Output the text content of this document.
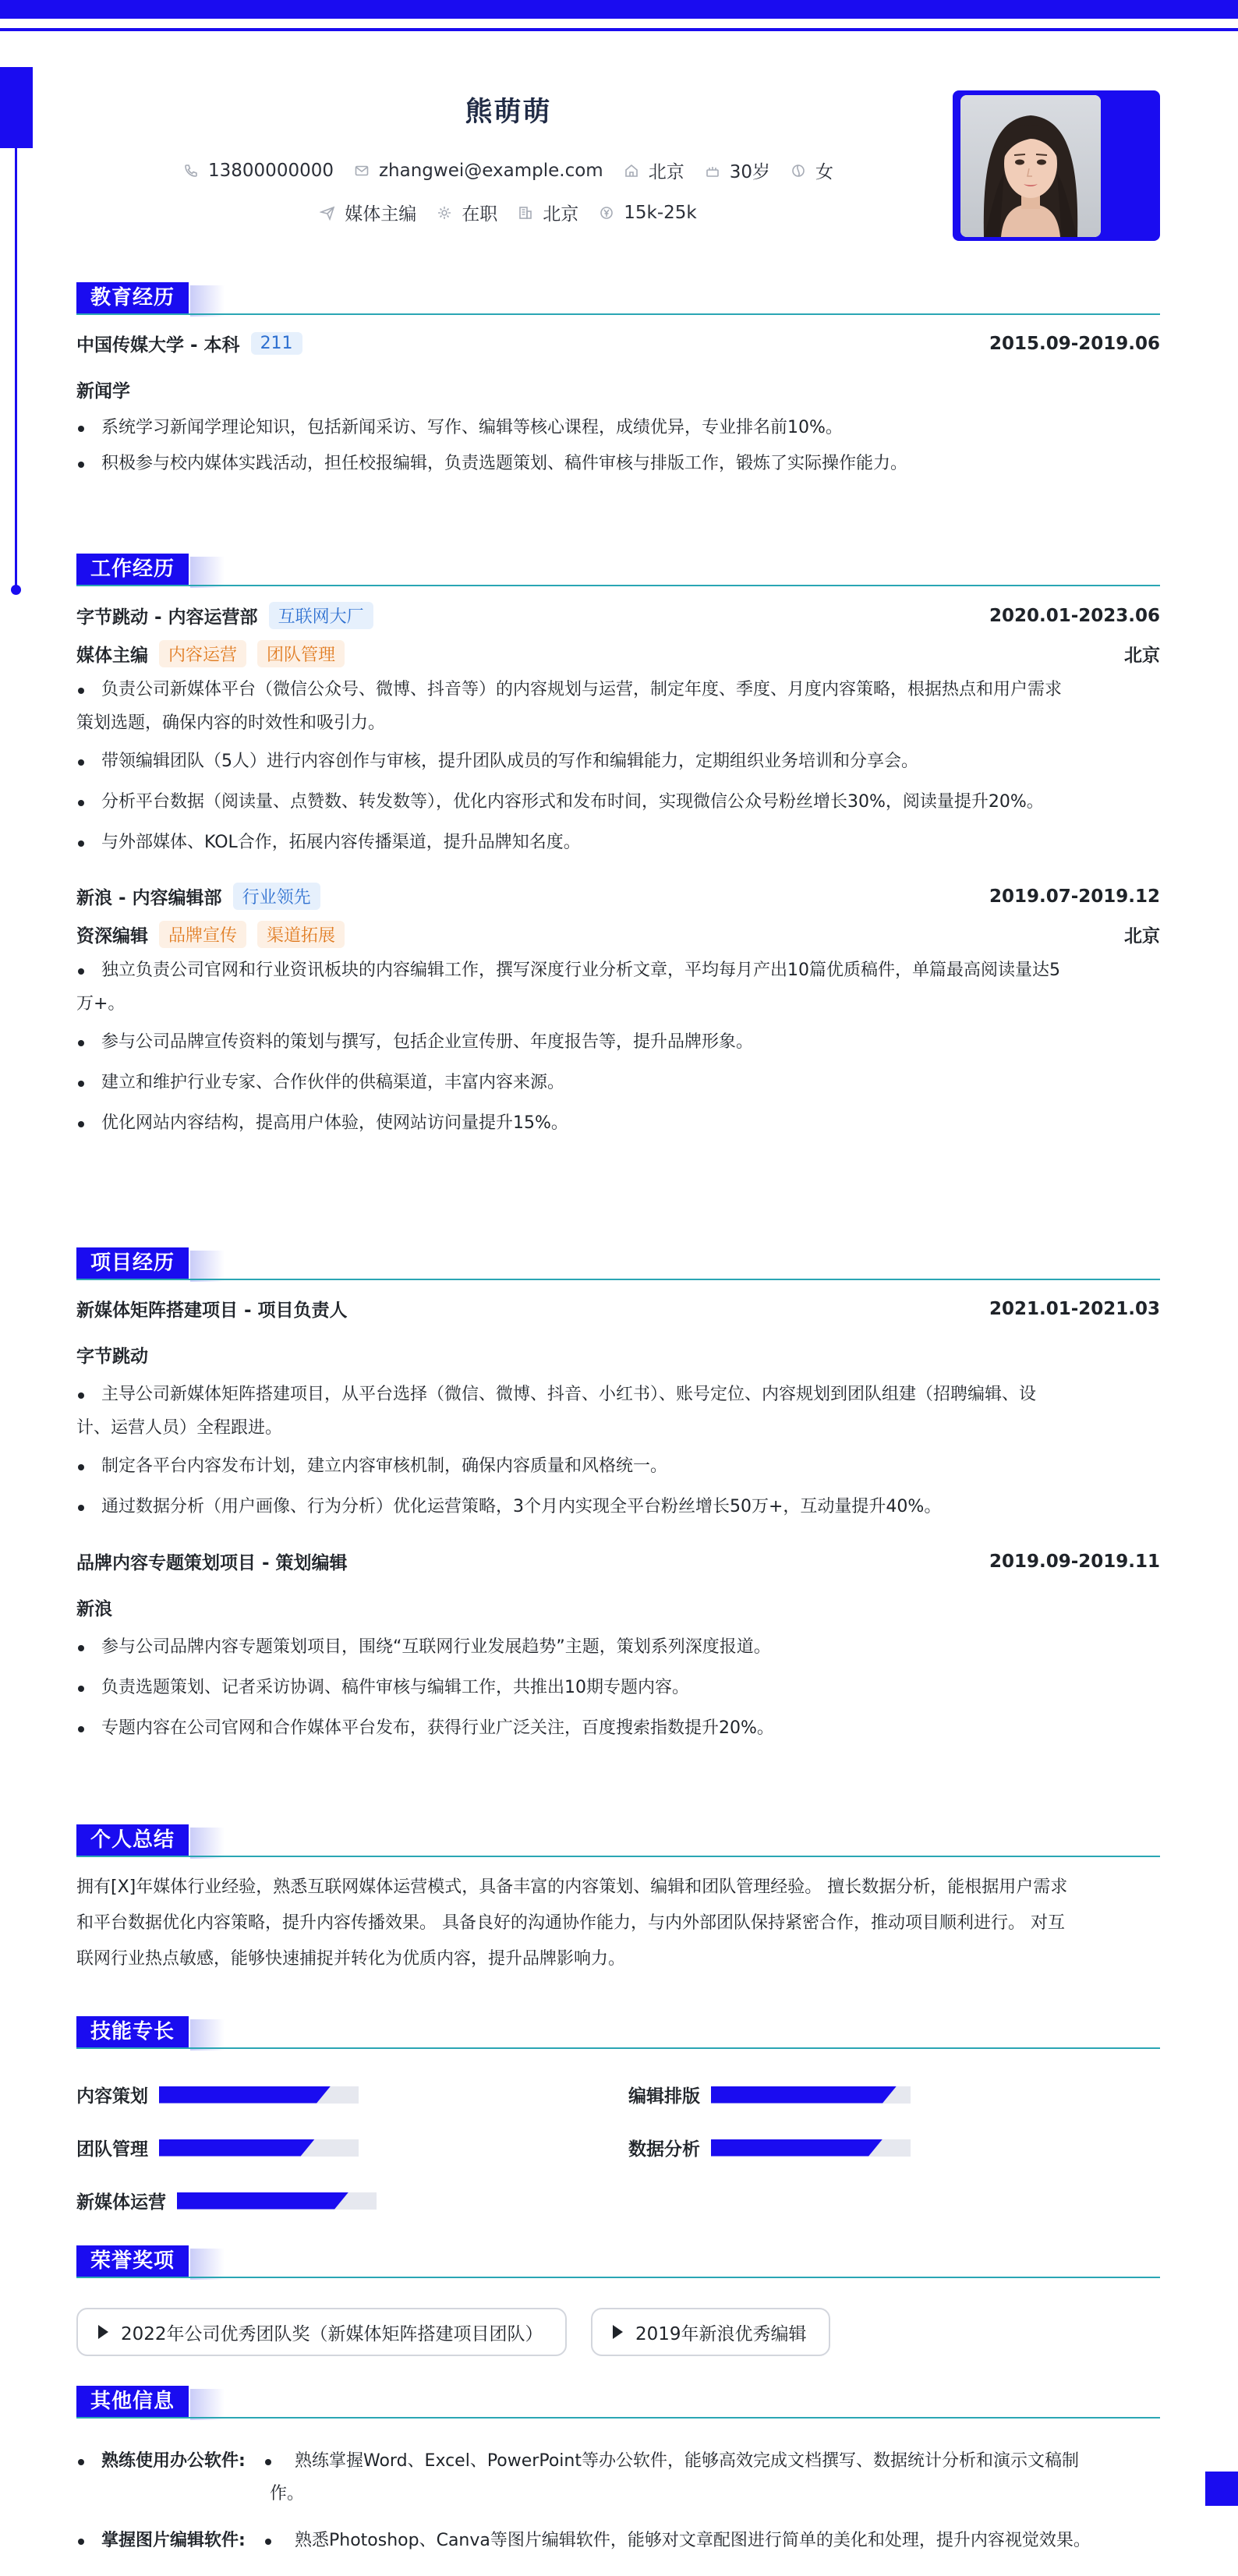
熊萌萌
13800000000	zhangwei@example.com	北京	30岁	女
媒体主编	在职	北京	15k-25k
教育经历
中国传媒大学 - 本科	211	2015.09-2019.06
新闻学
系统学习新闻学理论知识，包括新闻采访、写作、编辑等核心课程，成绩优异，专业排名前10%。
积极参与校内媒体实践活动，担任校报编辑，负责选题策划、稿件审核与排版工作，锻炼了实际操作能力。
工作经历
字节跳动 - 内容运营部	互联网大厂	2020.01-2023.06
媒体主编	内容运营	团队管理	北京
负责公司新媒体平台（微信公众号、微博、抖音等）的内容规划与运营，制定年度、季度、月度内容策略，根据热点和用户需求
策划选题，确保内容的时效性和吸引力。
带领编辑团队（5人）进行内容创作与审核，提升团队成员的写作和编辑能力，定期组织业务培训和分享会。
分析平台数据（阅读量、点赞数、转发数等），优化内容形式和发布时间，实现微信公众号粉丝增长30%，阅读量提升20%。
与外部媒体、KOL合作，拓展内容传播渠道，提升品牌知名度。
新浪 - 内容编辑部	行业领先	2019.07-2019.12
资深编辑	品牌宣传	渠道拓展	北京
独立负责公司官网和行业资讯板块的内容编辑工作，撰写深度行业分析文章，平均每月产出10篇优质稿件，单篇最高阅读量达5
万+。
参与公司品牌宣传资料的策划与撰写，包括企业宣传册、年度报告等，提升品牌形象。
建立和维护行业专家、合作伙伴的供稿渠道，丰富内容来源。
优化网站内容结构，提高用户体验，使网站访问量提升15%。
项目经历
新媒体矩阵搭建项目 - 项目负责人	2021.01-2021.03
字节跳动
主导公司新媒体矩阵搭建项目，从平台选择（微信、微博、抖音、小红书）、账号定位、内容规划到团队组建（招聘编辑、设
计、运营人员）全程跟进。
制定各平台内容发布计划，建立内容审核机制，确保内容质量和风格统一。
通过数据分析（用户画像、行为分析）优化运营策略，3个月内实现全平台粉丝增长50万+，互动量提升40%。
品牌内容专题策划项目 - 策划编辑	2019.09-2019.11
新浪
参与公司品牌内容专题策划项目，围绕“互联网行业发展趋势”主题，策划系列深度报道。
负责选题策划、记者采访协调、稿件审核与编辑工作，共推出10期专题内容。
专题内容在公司官网和合作媒体平台发布，获得行业广泛关注，百度搜索指数提升20%。
个人总结
拥有[X]年媒体行业经验，熟悉互联网媒体运营模式，具备丰富的内容策划、编辑和团队管理经验。 擅长数据分析，能根据用户需求
和平台数据优化内容策略，提升内容传播效果。 具备良好的沟通协作能力，与内外部团队保持紧密合作，推动项目顺利进行。 对互
联网行业热点敏感，能够快速捕捉并转化为优质内容，提升品牌影响力。
技能专长
内容策划	编辑排版
团队管理	数据分析
新媒体运营
荣誉奖项
2022年公司优秀团队奖（新媒体矩阵搭建项目团队）	2019年新浪优秀编辑
其他信息
熟练使用办公软件:	熟练掌握Word、Excel、PowerPoint等办公软件，能够高效完成文档撰写、数据统计分析和演示文稿制
作。
掌握图片编辑软件:	熟悉Photoshop、Canva等图片编辑软件，能够对文章配图进行简单的美化和处理，提升内容视觉效果。
